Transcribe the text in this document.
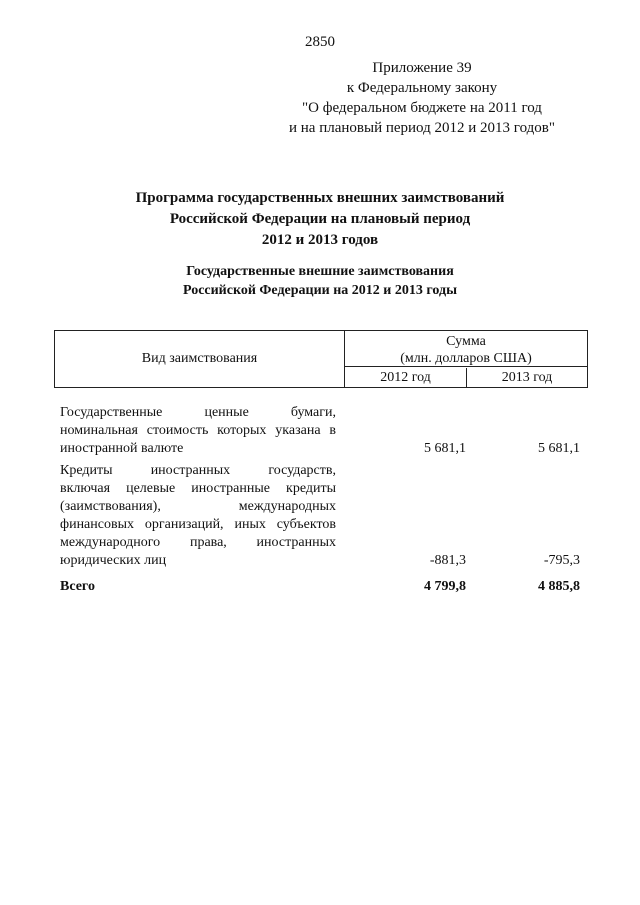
2850
Приложение 39
к Федеральному закону
"О федеральном бюджете на 2011 год
и на плановый период 2012 и 2013 годов"
Программа государственных внешних заимствований
Российской Федерации на плановый период
2012 и 2013 годов
Государственные внешние заимствования
Российской Федерации на 2012 и 2013 годы
Вид заимствования
Сумма
(млн. долларов США)
2012 год	2013 год
Государственные ценные бумаги,
номинальная стоимость которых указана в
иностранной валюте	5 681,1	5 681,1
Кредиты иностранных государств,
включая целевые иностранные кредиты
(заимствования), международных
финансовых организаций, иных субъектов
международного права, иностранных
юридических лиц	-881,3	-795,3
Всего	4 799,8	4 885,8
